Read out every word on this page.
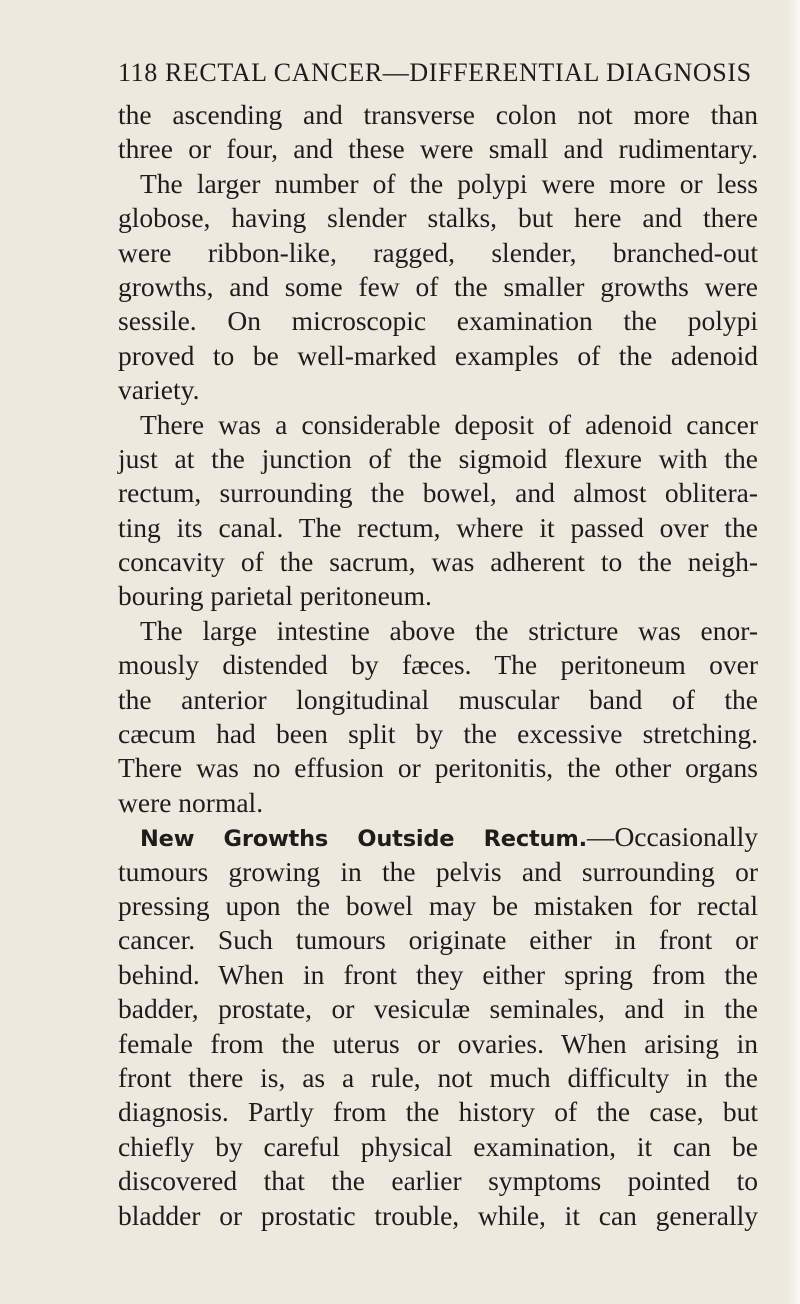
118 RECTAL CANCER—DIFFERENTIAL DIAGNOSIS
the ascending and transverse colon not more than
three or four, and these were small and rudimentary.
The larger number of the polypi were more or less
globose, having slender stalks, but here and there
were ribbon-like, ragged, slender, branched-out
growths, and some few of the smaller growths were
sessile. On microscopic examination the polypi
proved to be well-marked examples of the adenoid
variety.
There was a considerable deposit of adenoid cancer
just at the junction of the sigmoid flexure with the
rectum, surrounding the bowel, and almost oblitera-
ting its canal. The rectum, where it passed over the
concavity of the sacrum, was adherent to the neigh-
bouring parietal peritoneum.
The large intestine above the stricture was enor-
mously distended by fæces. The peritoneum over
the anterior longitudinal muscular band of the
cæcum had been split by the excessive stretching.
There was no effusion or peritonitis, the other organs
were normal.
New Growths Outside Rectum.—Occasionally
tumours growing in the pelvis and surrounding or
pressing upon the bowel may be mistaken for rectal
cancer. Such tumours originate either in front or
behind. When in front they either spring from the
badder, prostate, or vesiculæ seminales, and in the
female from the uterus or ovaries. When arising in
front there is, as a rule, not much difficulty in the
diagnosis. Partly from the history of the case, but
chiefly by careful physical examination, it can be
discovered that the earlier symptoms pointed to
bladder or prostatic trouble, while, it can generally
